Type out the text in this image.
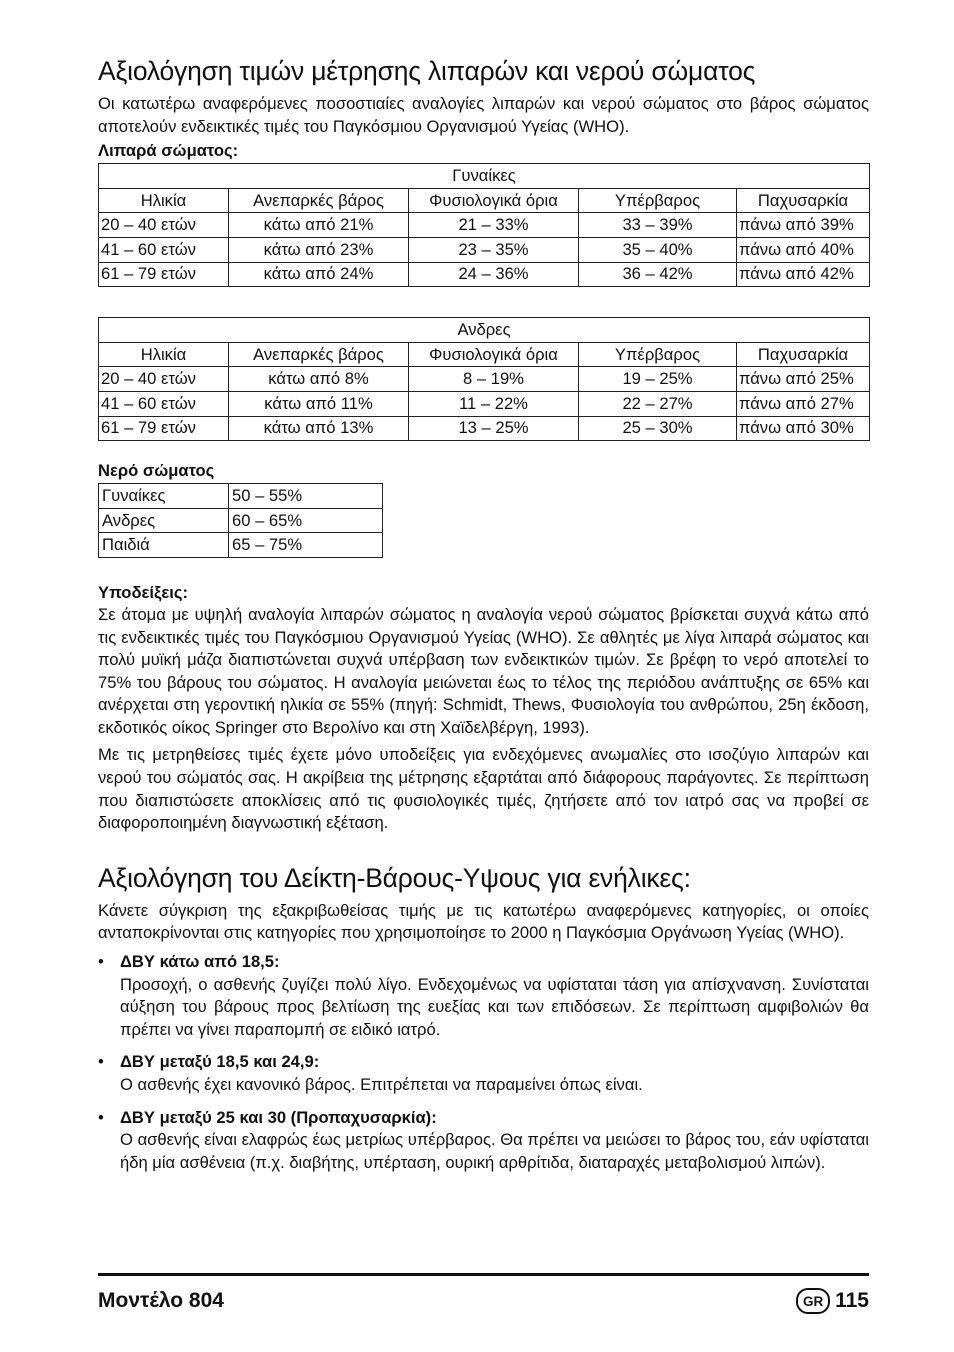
Αξιολόγηση τιμών μέτρησης λιπαρών και νερού σώματος

Οι κατωτέρω αναφερόμενες ποσοστιαίες αναλογίες λιπαρών και νερού σώματος στο βάρος σώματος αποτελούν ενδεικτικές τιμές του Παγκόσμιου Οργανισμού Υγείας (WHO).

Λιπαρά σώματος:
Γυναίκες				
Ηλικία	Ανεπαρκές βάρος	Φυσιολογικά όρια	Υπέρβαρος	Παχυσαρκία
20 – 40 ετών	κάτω από 21%	21 – 33%	33 – 39%	πάνω από 39%
41 – 60 ετών	κάτω από 23%	23 – 35%	35 – 40%	πάνω από 40%
61 – 79 ετών	κάτω από 24%	24 – 36%	36 – 42%	πάνω από 42%
Ανδρες				
Ηλικία	Ανεπαρκές βάρος	Φυσιολογικά όρια	Υπέρβαρος	Παχυσαρκία
20 – 40 ετών	κάτω από 8%	8 – 19%	19 – 25%	πάνω από 25%
41 – 60 ετών	κάτω από 11%	11 – 22%	22 – 27%	πάνω από 27%
61 – 79 ετών	κάτω από 13%	13 – 25%	25 – 30%	πάνω από 30%
Νερό σώματος
Γυναίκες	50 – 55%
Ανδρες	60 – 65%
Παιδιά	65 – 75%
Υποδείξεις:

Σε άτομα με υψηλή αναλογία λιπαρών σώματος η αναλογία νερού σώματος βρίσκεται συχνά κάτω από τις ενδεικτικές τιμές του Παγκόσμιου Οργανισμού Υγείας (WHO). Σε αθλητές με λίγα λιπαρά σώματος και πολύ μυϊκή μάζα διαπιστώνεται συχνά υπέρβαση των ενδεικτικών τιμών. Σε βρέφη το νερό αποτελεί το 75% του βάρους του σώματος. Η αναλογία μειώνεται έως το τέλος της περιόδου ανάπτυξης σε 65% και ανέρχεται στη γεροντική ηλικία σε 55% (πηγή: Schmidt, Thews, Φυσιολογία του ανθρώπου, 25η έκδοση, εκδοτικός οίκος Springer στο Βερολίνο και στη Χαϊδελβέργη, 1993).

Με τις μετρηθείσες τιμές έχετε μόνο υποδείξεις για ενδεχόμενες ανωμαλίες στο ισοζύγιο λιπαρών και νερού του σώματός σας. Η ακρίβεια της μέτρησης εξαρτάται από διάφορους παράγοντες. Σε περίπτωση που διαπιστώσετε αποκλίσεις από τις φυσιολογικές τιμές, ζητήσετε από τον ιατρό σας να προβεί σε διαφοροποιημένη διαγνωστική εξέταση.

Αξιολόγηση του Δείκτη-Βάρους-Υψους για ενήλικες:

Κάνετε σύγκριση της εξακριβωθείσας τιμής με τις κατωτέρω αναφερόμενες κατηγορίες, οι οποίες ανταποκρίνονται στις κατηγορίες που χρησιμοποίησε το 2000 η Παγκόσμια Οργάνωση Υγείας (WHO).

• ΔΒΥ κάτω από 18,5:

Προσοχή, ο ασθενής ζυγίζει πολύ λίγο. Ενδεχομένως να υφίσταται τάση για απίσχνανση. Συνίσταται αύξηση του βάρους προς βελτίωση της ευεξίας και των επιδόσεων. Σε περίπτωση αμφιβολιών θα πρέπει να γίνει παραπομπή σε ειδικό ιατρό.

• ΔΒΥ μεταξύ 18,5 και 24,9:

Ο ασθενής έχει κανονικό βάρος. Επιτρέπεται να παραμείνει όπως είναι.

• ΔΒΥ μεταξύ 25 και 30 (Προπαχυσαρκία):

Ο ασθενής είναι ελαφρώς έως μετρίως υπέρβαρος. Θα πρέπει να μειώσει το βάρος του, εάν υφίσταται ήδη μία ασθένεια (π.χ. διαβήτης, υπέρταση, ουρική αρθρίτιδα, διαταραχές μεταβολισμού λιπών).

Μοντέλο 804	GR 115
